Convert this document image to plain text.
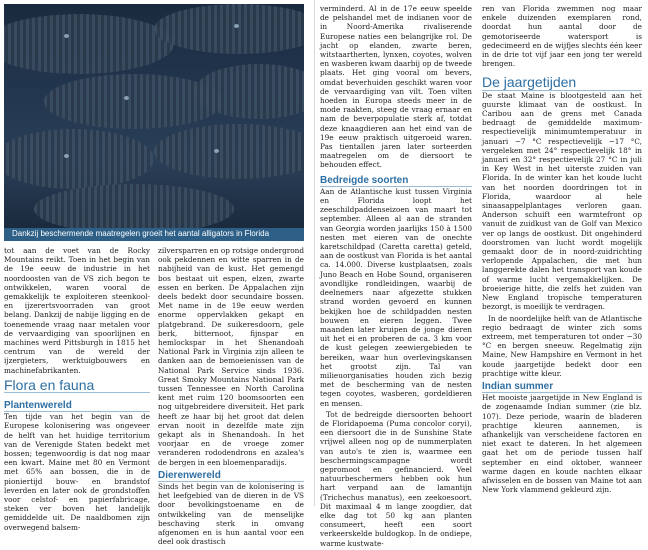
Dankzij beschermende maatregelen groeit het aantal alligators in Florida

tot aan de voet van de Rocky Mountains reikt. Toen in het begin van de 19e eeuw de industrie in het noordoosten van de VS zich begon te ontwikkelen, waren vooral de gemakkelijk te exploiteren steenkool- en ijzerertsvoorraden van groot belang. Dankzij de nabije ligging en de toenemende vraag naar metalen voor de vervaardiging van spoorlijnen en machines werd Pittsburgh in 1815 het centrum van de wereld der ijzergieters, werktuigbouwers en machinefabrikanten.

Flora en fauna
Plantenwereld

Ten tijde van het begin van de Europese kolonisering was ongeveer de helft van het huidige territorium van de Verenigde Staten bedekt met bossen; tegenwoordig is dat nog maar een kwart. Maine met 80 en Vermont met 65% aan bossen, die in de pioniertijd bouw- en brandstof leverden en later ook de grondstoffen voor celstof- en papierfabricage, steken ver boven het landelijk gemiddelde uit. De naaldbomen zijn overwegend balsem-

zilversparren en op rotsige ondergrond ook pekdennen en witte sparren in de nabijheid van de kust. Het gemengd bos bestaat uit espen, elzen, zwarte essen en berken. De Appalachen zijn deels bedekt door secundaire bossen. Met name in de 19e eeuw werden enorme oppervlakken gekapt en platgebrand. De suikeresdoorn, gele berk, bitternoot, fijnspar en hemlockspar in het Shenandoah National Park in Virginia zijn alleen te danken aan de bemoeienissen van de National Park Service sinds 1936. Great Smoky Mountains National Park tussen Tennessee en North Carolina kent met ruim 120 boomsoorten een nog uitgebreidere diversiteit. Het park heeft ze haar bij het groot dat delen ervan nooit in dezelfde mate zijn gekapt als in Shenandoah. In het voorjaar en de vroege zomer veranderen rododendrons en azalea's de bergen in een bloemenparadijs.

Dierenwereld

Sinds het begin van de kolonisering is het leefgebied van de dieren in de VS door bevolkingstoename en de ontwikkeling van de menselijke beschaving sterk in omvang afgenomen en is hun aantal voor een deel ook drastisch

verminderd. Al in de 17e eeuw speelde de pelshandel met de indianen voor de in Noord-Amerika rivaliserende Europese naties een belangrijke rol. De jacht op elanden, zwarte beren, witstaartherten, lynxen, coyotes, wolven en wasberen kwam daarbij op de tweede plaats. Het ging vooral om bevers, omdat beverhuiden geschikt waren voor de vervaardiging van vilt. Toen vilten hoeden in Europa steeds meer in de mode raakten, steeg de vraag ernaar en nam de beverpopulatie sterk af, totdat deze knaagdieren aan het eind van de 19e eeuw praktisch uitgeroeid waren. Pas tientallen jaren later sorteerden maatregelen om de diersoort te behouden effect.

Bedreigde soorten

Aan de Atlantische kust tussen Virginia en Florida loopt het zeeschildpaddenseizoen van maart tot september. Alleen al aan de stranden van Georgia worden jaarlijks 150 à 1500 nesten met eieren van de onechte karetschildpad (Caretta caretta) geteld, aan de oostkust van Florida is het aantal ca. 14.000. Diverse kustplaatsen, zoals Juno Beach en Hobe Sound, organiseren avondlijke rondleidingen, waarbij de deelnemers naar afgezette stukken strand worden gevoerd en kunnen bekijken hoe de schildpadden nesten bouwen en eieren leggen. Twee maanden later kruipen de jonge dieren uit het ei en proberen de ca. 3 km voor de kust gelegen zeewiergebieden te bereiken, waar hun overlevingskansen het grootst zijn. Tal van milieuorganisaties houden zich bezig met de bescherming van de nesten tegen coyotes, wasberen, gordeldieren en mensen.

Tot de bedreigde diersoorten behoort de Floridapoema (Puma concolor coryi), een diersoort die in de Sunshine State vrijwel alleen nog op de nummerplaten van auto's te zien is, waarmee een beschermingscampagne wordt gepromoot en gefinancierd. Veel natuurbeschermers hebben ook hun hart verpand aan de lamantijn (Trichechus manatus), een zeekoesoort. Dit maximaal 4 m lange zoogdier, dat elke dag tot 50 kg aan planten consumeert, heeft een soort verkeerskelde buldogkop. In de ondiepe, warme kustwate-

ren van Florida zwemmen nog maar enkele duizenden exemplaren rond, doordat hun aantal door de gemotoriseerde watersport is gedecimeerd en de wijfjes slechts één keer in de drie tot vijf jaar een jong ter wereld brengen.

De jaargetijden

De staat Maine is blootgesteld aan het guurste klimaat van de oostkust. In Caribou aan de grens met Canada bedraagt de gemiddelde maximum-respectievelijk minimumtemperatuur in januari −7 °C respectievelijk −17 °C, vergeleken met 24° respectievelijk 18° in januari en 32° respectievelijk 27 °C in juli in Key West in het uiterste zuiden van Florida. In de winter kan het koude lucht van het noorden doordringen tot in Florida, waardoor al hele sinaasappelplantages verloren gaan. Anderson schuift een warmtefront op vanuit de zuidkust van de Golf van Mexico ver op langs de oostkust. Dit ongehinderd doorstromen van lucht wordt mogelijk gemaakt door de in noord-zuidrichting verlopende Appalachen, die met hun langgerekte dalen het transport van koude of warme lucht vergemakkelijken. De broeierige hitte, die zelfs het zuiden van New England tropische temperaturen bezorgt, is moeilijk te verdragen.

In de noordelijke helft van de Atlantische regio bedraagt de winter zich soms extreem, met temperaturen tot onder −30 °C en bergen sneeuw. Regelmatig zijn Maine, New Hampshire en Vermont in het koude jaargetijde bedekt door een prachtige witte kleur.

Indian summer

Het mooiste jaargetijde in New England is de zogenaamde Indian summer (zie blz. 107). Deze periode, waarin de bladeren prachtige kleuren aannemen, is afhankelijk van verscheidene factoren en niet exact te dateren. In het algemeen gaat het om de periode tussen half september en eind oktober, wanneer warme dagen en koude nachten elkaar afwisselen en de bossen van Maine tot aan New York vlammend gekleurd zijn.
